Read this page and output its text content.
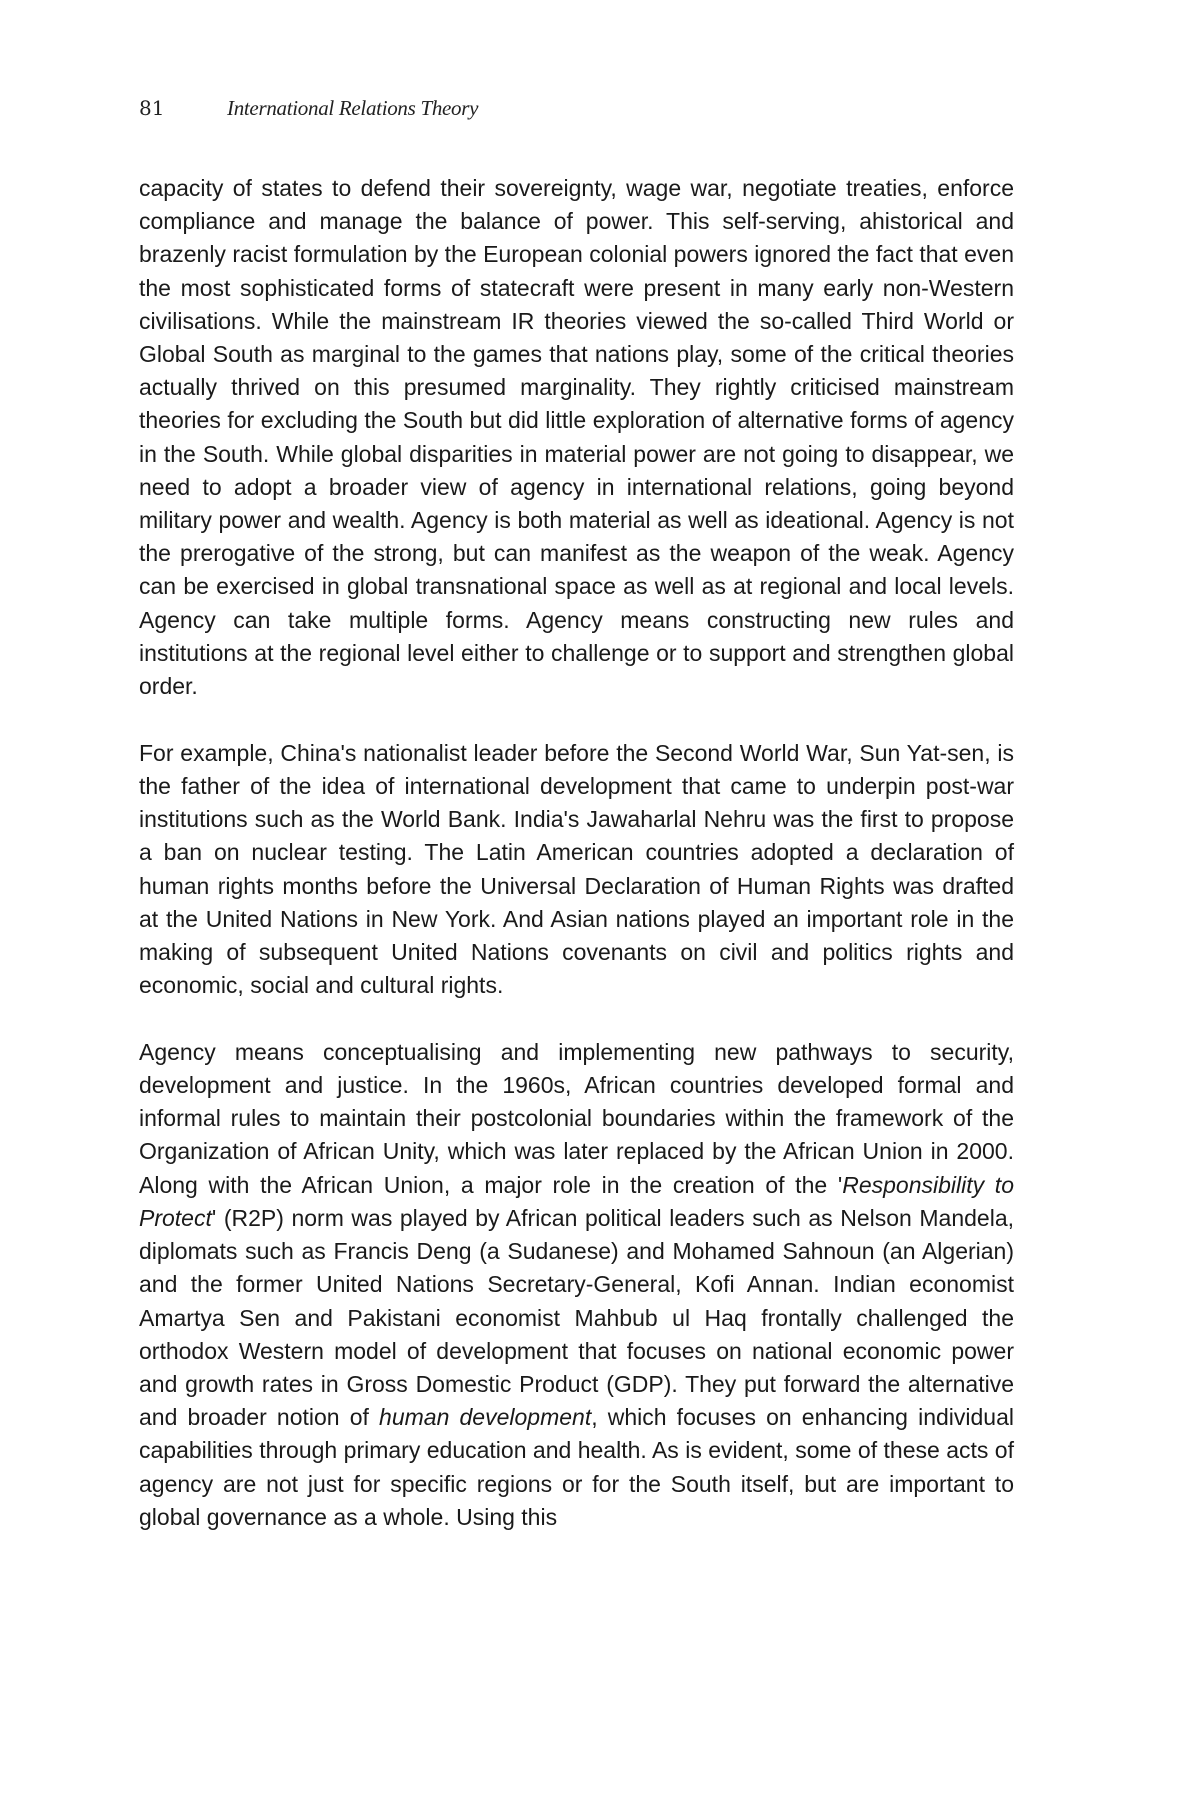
81	International Relations Theory

capacity of states to defend their sovereignty, wage war, negotiate treaties, enforce compliance and manage the balance of power. This self-serving, ahistorical and brazenly racist formulation by the European colonial powers ignored the fact that even the most sophisticated forms of statecraft were present in many early non-Western civilisations. While the mainstream IR theories viewed the so-called Third World or Global South as marginal to the games that nations play, some of the critical theories actually thrived on this presumed marginality. They rightly criticised mainstream theories for excluding the South but did little exploration of alternative forms of agency in the South. While global disparities in material power are not going to disappear, we need to adopt a broader view of agency in international relations, going beyond military power and wealth. Agency is both material as well as ideational. Agency is not the prerogative of the strong, but can manifest as the weapon of the weak. Agency can be exercised in global transnational space as well as at regional and local levels. Agency can take multiple forms. Agency means constructing new rules and institutions at the regional level either to challenge or to support and strengthen global order.

For example, China's nationalist leader before the Second World War, Sun Yat-sen, is the father of the idea of international development that came to underpin post-war institutions such as the World Bank. India's Jawaharlal Nehru was the first to propose a ban on nuclear testing. The Latin American countries adopted a declaration of human rights months before the Universal Declaration of Human Rights was drafted at the United Nations in New York. And Asian nations played an important role in the making of subsequent United Nations covenants on civil and politics rights and economic, social and cultural rights.

Agency means conceptualising and implementing new pathways to security, development and justice. In the 1960s, African countries developed formal and informal rules to maintain their postcolonial boundaries within the framework of the Organization of African Unity, which was later replaced by the African Union in 2000. Along with the African Union, a major role in the creation of the 'Responsibility to Protect' (R2P) norm was played by African political leaders such as Nelson Mandela, diplomats such as Francis Deng (a Sudanese) and Mohamed Sahnoun (an Algerian) and the former United Nations Secretary-General, Kofi Annan. Indian economist Amartya Sen and Pakistani economist Mahbub ul Haq frontally challenged the orthodox Western model of development that focuses on national economic power and growth rates in Gross Domestic Product (GDP). They put forward the alternative and broader notion of human development, which focuses on enhancing individual capabilities through primary education and health. As is evident, some of these acts of agency are not just for specific regions or for the South itself, but are important to global governance as a whole. Using this
